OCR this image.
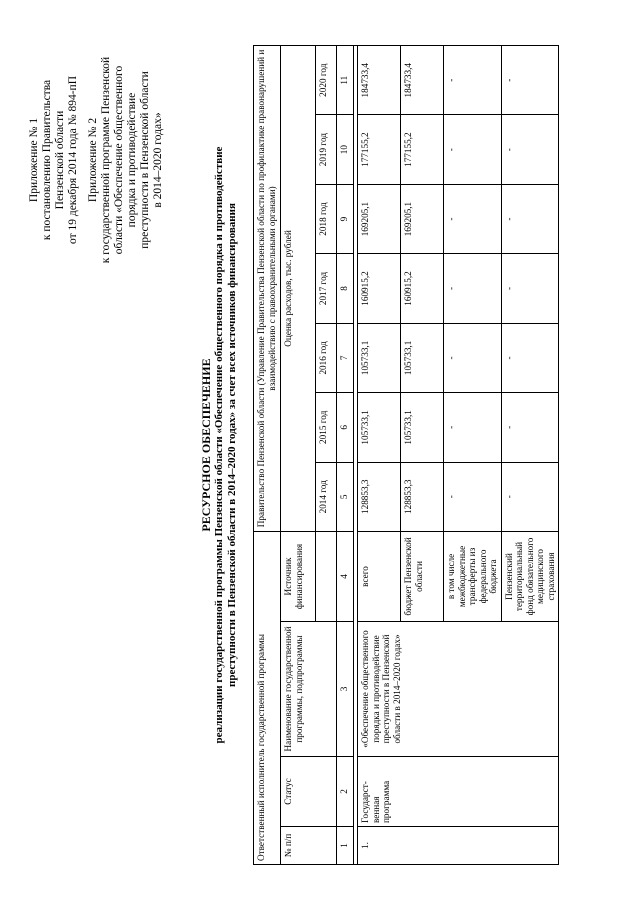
Приложение № 1 к постановлению Правительства Пензенской области от 19 декабря 2014 года № 894-пП Приложение № 2 к государственной программе Пензенской области «Обеспечение общественного порядка и противодействие преступности в Пензенской области в 2014–2020 годах»

РЕСУРСНОЕ ОБЕСПЕЧЕНИЕ реализации государственной программы Пензенской области «Обеспечение общественного порядка и противодействие преступности в Пензенской области в 2014–2020 годах» за счет всех источников финансирования

Ответственный исполнитель государственной программы				Правительство Пензенской области (Управление Правительства Пензенской области по профилактике правонарушений и взаимодействию с правоохранительными органами)						
№ п/п	Статус	Наименование государственной программы, подпрограммы	Источник финансирования	Оценка расходов, тыс. рублей						
				2014 год	2015 год	2016 год	2017 год	2018 год	2019 год	2020 год
1	2	3	4	5	6	7	8	9	10	11

1.	Государст-венная программа	«Обеспечение общественного порядка и противодействие преступности в Пензенской области в 2014–2020 годах»	всего	128853,3	105733,1	105733,1	160915,2	169205,1	177155,2	184733,4
			бюджет Пензенской области	128853,3	105733,1	105733,1	160915,2	169205,1	177155,2	184733,4
			в том числе межбюджетные трансферты из федерального бюджета	-	-	-	-	-	-	-
			Пензенский территориальный фонд обязательного медицинского страхования	-	-	-	-	-	-	-
